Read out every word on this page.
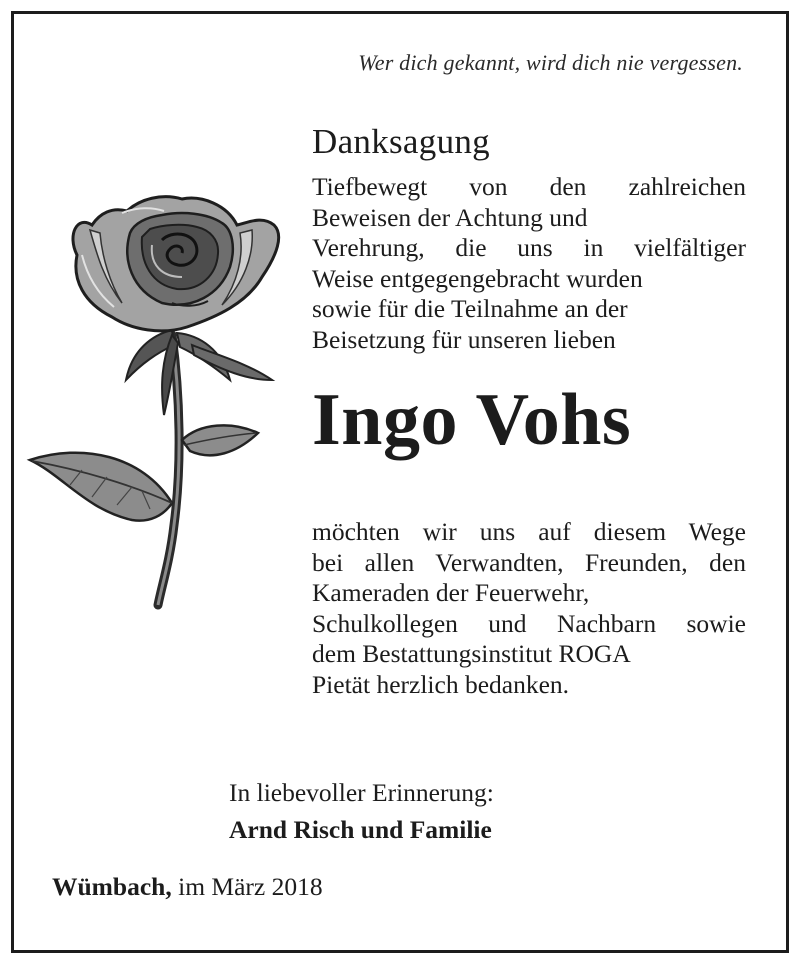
Wer dich gekannt, wird dich nie vergessen.
Danksagung
Tiefbewegt von den zahlreichen
Beweisen der Achtung und
Verehrung, die uns in vielfältiger
Weise entgegengebracht wurden
sowie für die Teilnahme an der
Beisetzung für unseren lieben
Ingo Vohs
möchten wir uns auf diesem Wege
bei allen Verwandten, Freunden, den
Kameraden der Feuerwehr,
Schulkollegen und Nachbarn sowie
dem Bestattungsinstitut ROGA
Pietät herzlich bedanken.
In liebevoller Erinnerung:
Arnd Risch und Familie
Wümbach, im März 2018
